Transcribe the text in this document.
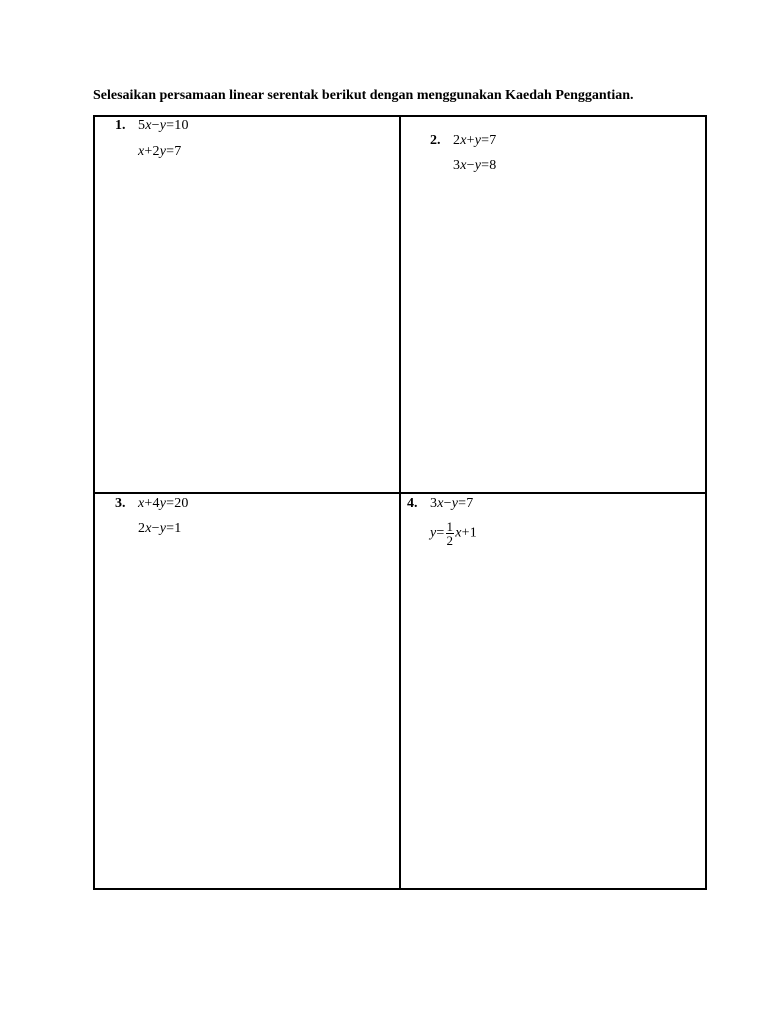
Selesaikan persamaan linear serentak berikut dengan menggunakan Kaedah Penggantian.
1. 5x−y=10
x+2y=7
2. 2x+y=7
3x−y=8
3. x+4y=20
2x−y=1
4. 3x−y=7
$y= \frac{1}{2} x+1$
